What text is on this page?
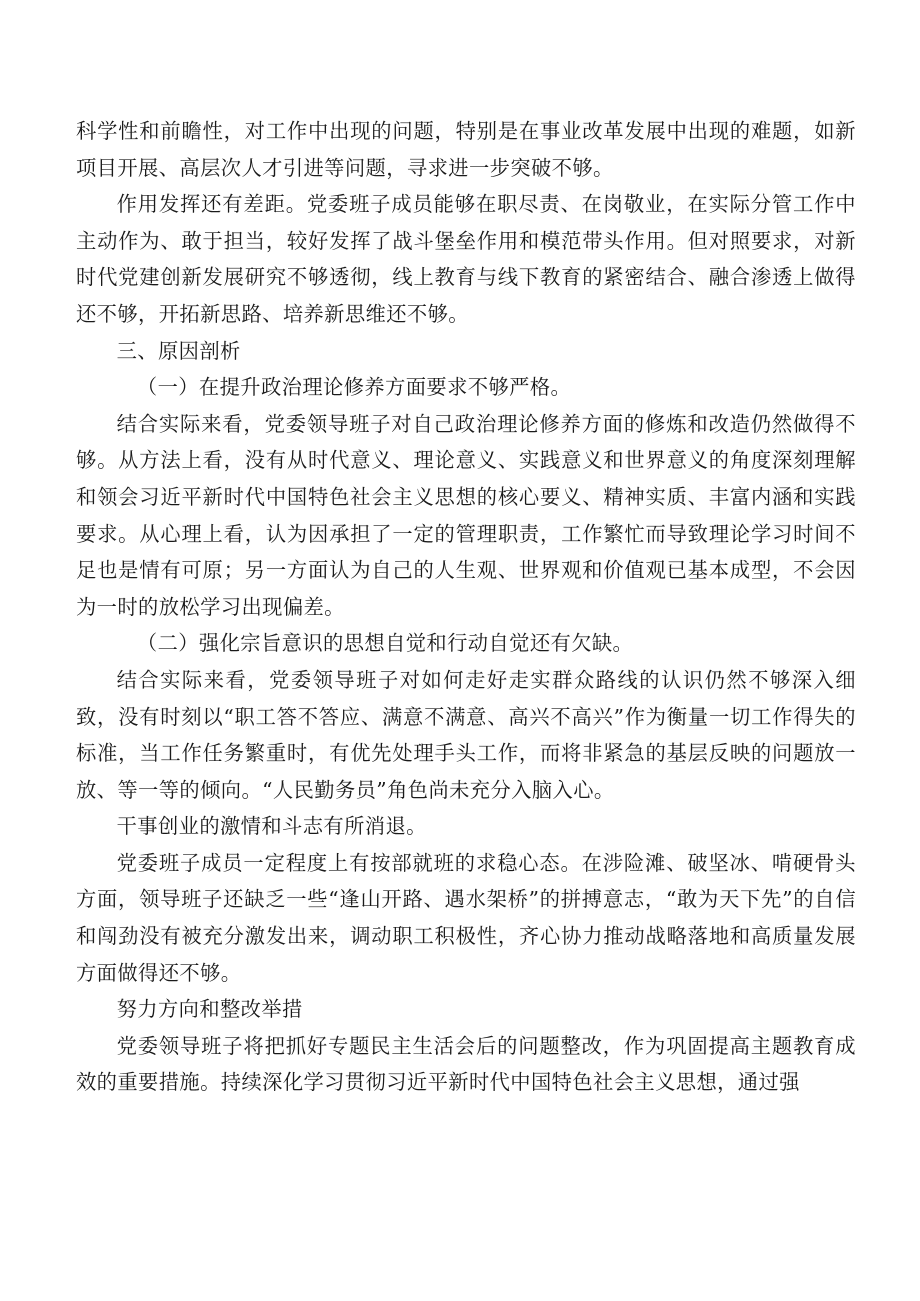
科学性和前瞻性，对工作中出现的问题，特别是在事业改革发展中出现的难题，如新项目开展、高层次人才引进等问题，寻求进一步突破不够。

作用发挥还有差距。党委班子成员能够在职尽责、在岗敬业，在实际分管工作中主动作为、敢于担当，较好发挥了战斗堡垒作用和模范带头作用。但对照要求，对新时代党建创新发展研究不够透彻，线上教育与线下教育的紧密结合、融合渗透上做得还不够，开拓新思路、培养新思维还不够。

三、原因剖析

（一）在提升政治理论修养方面要求不够严格。

结合实际来看，党委领导班子对自己政治理论修养方面的修炼和改造仍然做得不够。从方法上看，没有从时代意义、理论意义、实践意义和世界意义的角度深刻理解和领会习近平新时代中国特色社会主义思想的核心要义、精神实质、丰富内涵和实践要求。从心理上看，认为因承担了一定的管理职责，工作繁忙而导致理论学习时间不足也是情有可原；另一方面认为自己的人生观、世界观和价值观已基本成型，不会因为一时的放松学习出现偏差。

（二）强化宗旨意识的思想自觉和行动自觉还有欠缺。

结合实际来看，党委领导班子对如何走好走实群众路线的认识仍然不够深入细致，没有时刻以“职工答不答应、满意不满意、高兴不高兴”作为衡量一切工作得失的标准，当工作任务繁重时，有优先处理手头工作，而将非紧急的基层反映的问题放一放、等一等的倾向。“人民勤务员”角色尚未充分入脑入心。

干事创业的激情和斗志有所消退。

党委班子成员一定程度上有按部就班的求稳心态。在涉险滩、破坚冰、啃硬骨头方面，领导班子还缺乏一些“逢山开路、遇水架桥”的拼搏意志，“敢为天下先”的自信和闯劲没有被充分激发出来，调动职工积极性，齐心协力推动战略落地和高质量发展方面做得还不够。

努力方向和整改举措

党委领导班子将把抓好专题民主生活会后的问题整改，作为巩固提高主题教育成效的重要措施。持续深化学习贯彻习近平新时代中国特色社会主义思想，通过强
